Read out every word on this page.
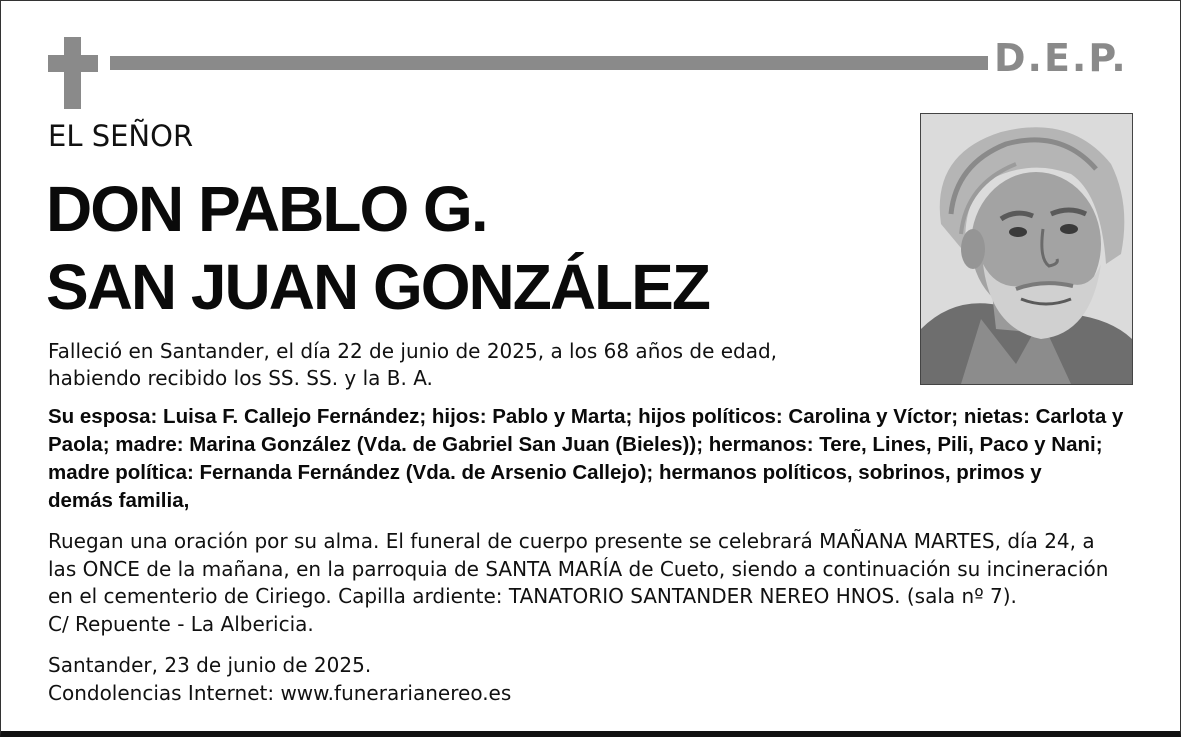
D.E.P.
EL SEÑOR
DON PABLO G.
SAN JUAN GONZÁLEZ
Falleció en Santander, el día 22 de junio de 2025, a los 68 años de edad,
habiendo recibido los SS. SS. y la B. A.
Su esposa: Luisa F. Callejo Fernández; hijos: Pablo y Marta; hijos políticos: Carolina y Víctor; nietas: Carlota y
Paola; madre: Marina González (Vda. de Gabriel San Juan (Bieles)); hermanos: Tere, Lines, Pili, Paco y Nani;
madre política: Fernanda Fernández (Vda. de Arsenio Callejo); hermanos políticos, sobrinos, primos y
demás familia,
Ruegan una oración por su alma. El funeral de cuerpo presente se celebrará MAÑANA MARTES, día 24, a
las ONCE de la mañana, en la parroquia de SANTA MARÍA de Cueto, siendo a continuación su incineración
en el cementerio de Ciriego. Capilla ardiente: TANATORIO SANTANDER NEREO HNOS. (sala nº 7).
C/ Repuente - La Albericia.
Santander, 23 de junio de 2025.
Condolencias Internet: www.funerarianereo.es
